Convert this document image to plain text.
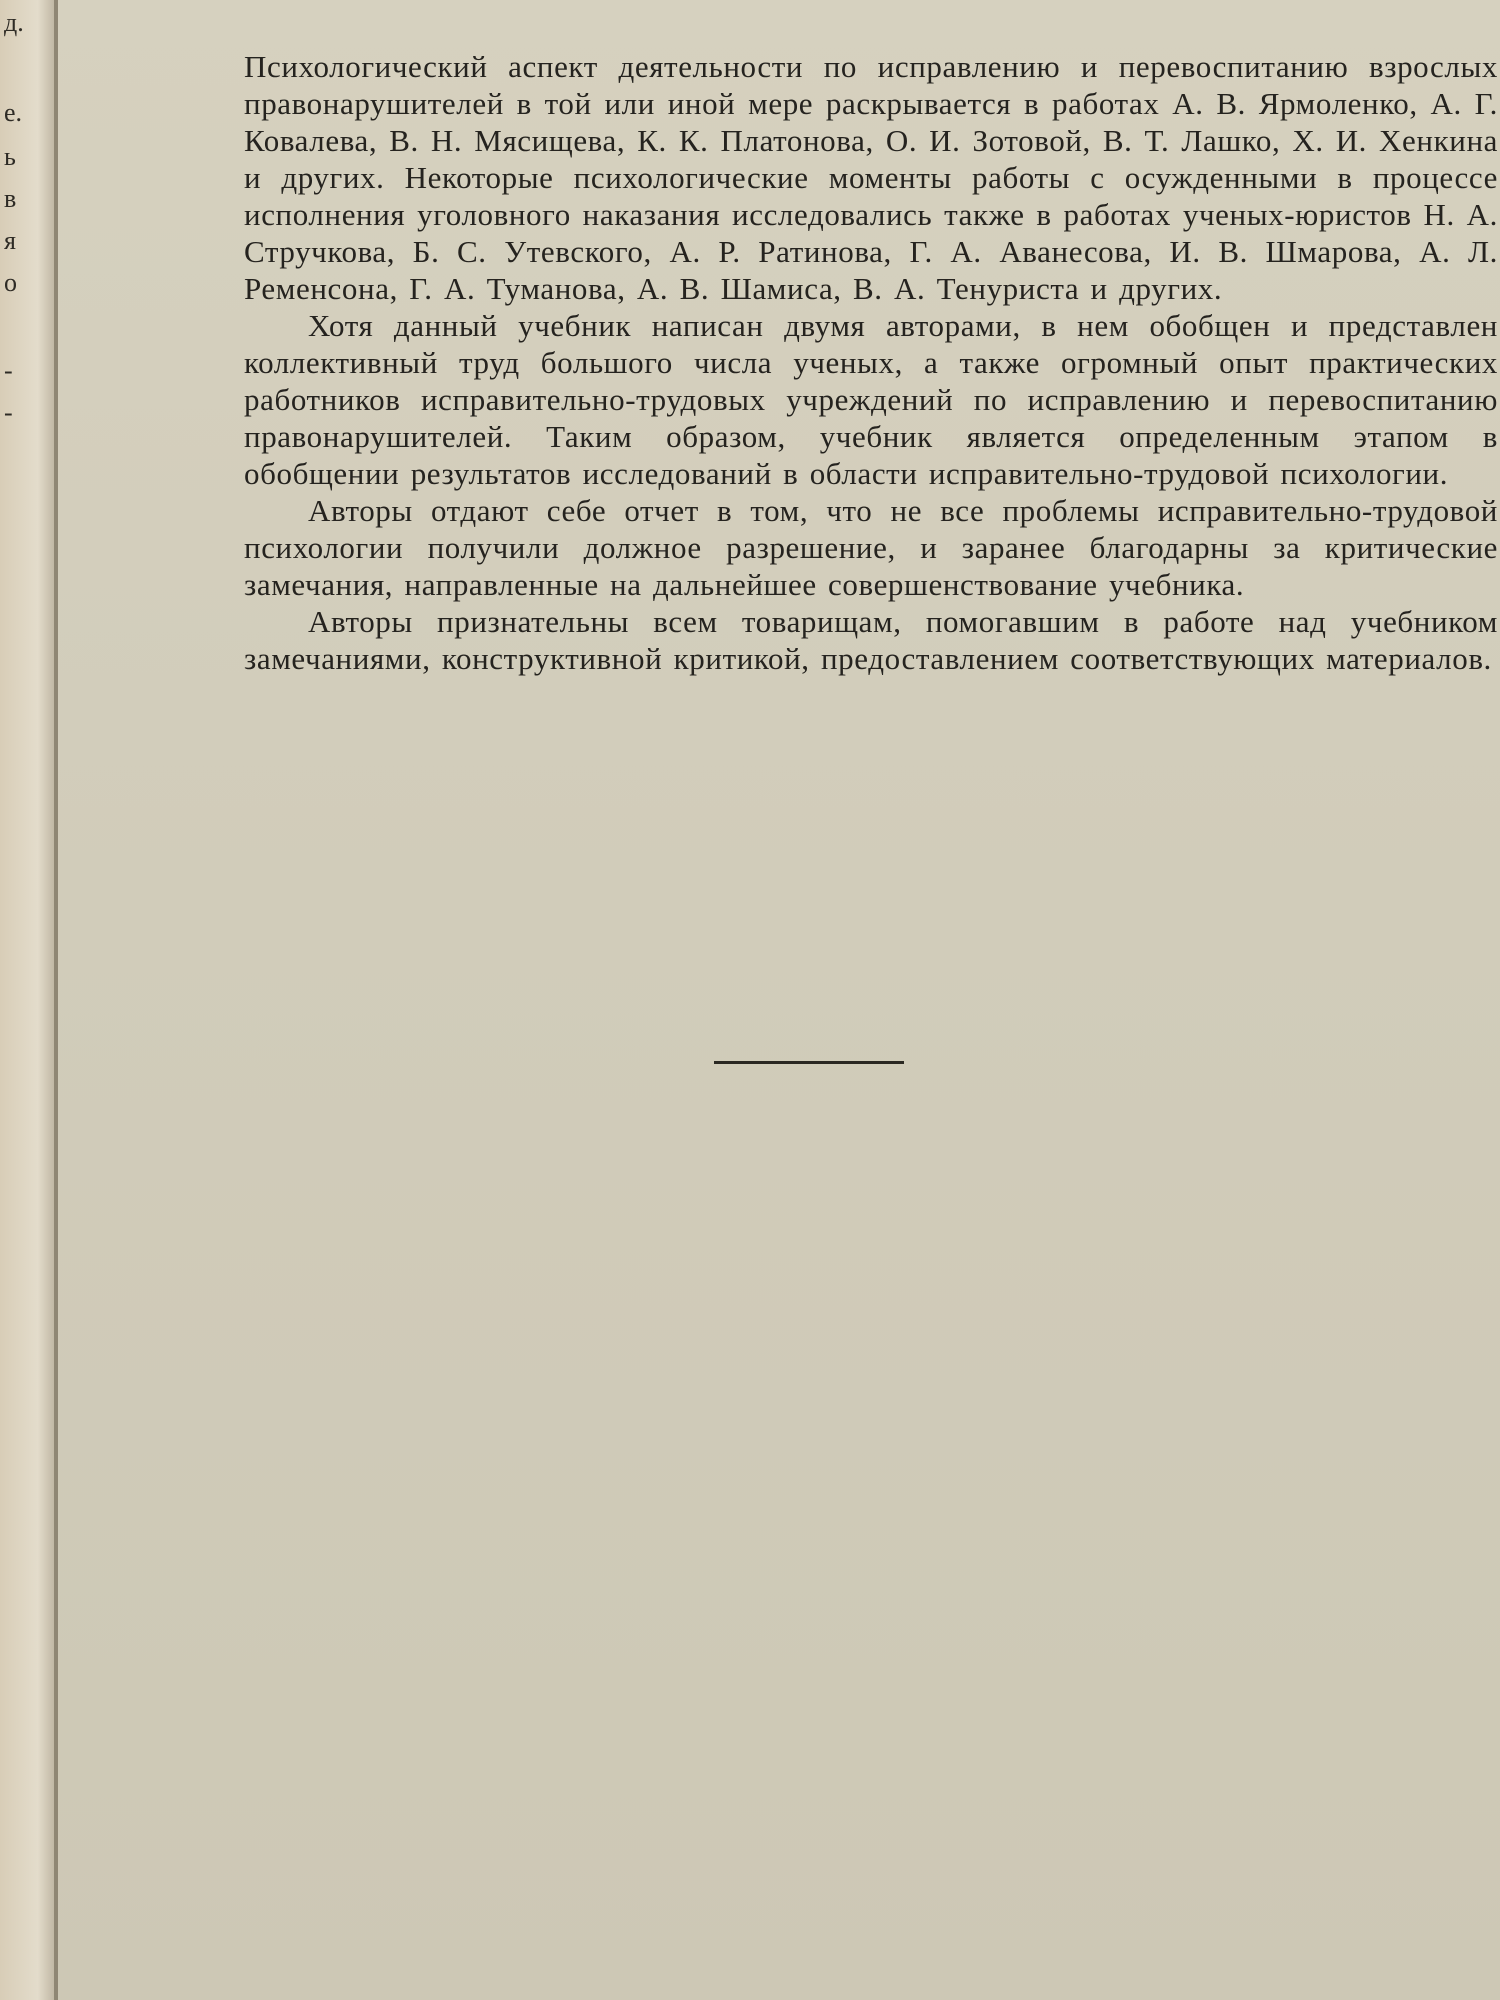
д.
е.
ь
в
я
о
-
-

Психологический аспект деятельности по исправлению и перевоспитанию взрослых правонарушителей в той или иной мере раскрывается в работах А. В. Ярмоленко, А. Г. Ковалева, В. Н. Мясищева, К. К. Платонова, О. И. Зотовой, В. Т. Лашко, Х. И. Хенкина и других. Некоторые психологические моменты работы с осужденными в процессе исполнения уголовного наказания исследовались также в работах ученых-юристов Н. А. Стручкова, Б. С. Утевского, А. Р. Ратинова, Г. А. Аванесова, И. В. Шмарова, А. Л. Ременсона, Г. А. Туманова, А. В. Шамиса, В. А. Тенуриста и других.

Хотя данный учебник написан двумя авторами, в нем обобщен и представлен коллективный труд большого числа ученых, а также огромный опыт практических работников исправительно-трудовых учреждений по исправлению и перевоспитанию правонарушителей. Таким образом, учебник является определенным этапом в обобщении результатов исследований в области исправительно-трудовой психологии.

Авторы отдают себе отчет в том, что не все проблемы исправительно-трудовой психологии получили должное разрешение, и заранее благодарны за критические замечания, направленные на дальнейшее совершенствование учебника.

Авторы признательны всем товарищам, помогавшим в работе над учебником замечаниями, конструктивной критикой, предоставлением соответствующих материалов.
